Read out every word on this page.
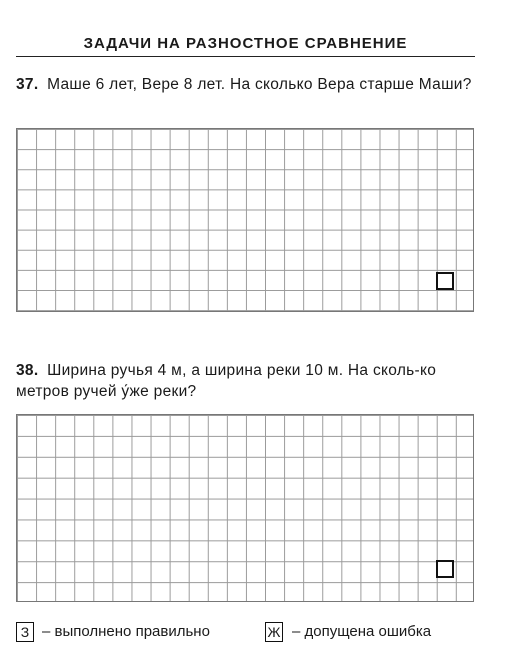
ЗАДАЧИ НА РАЗНОСТНОЕ СРАВНЕНИЕ
37. Маше 6 лет, Вере 8 лет. На сколько Вера старше Маши?
38. Ширина ручья 4 м, а ширина реки 10 м. На сколь-ко метров ручей у́же реки?
З – выполнено правильно	Ж – допущена ошибка
